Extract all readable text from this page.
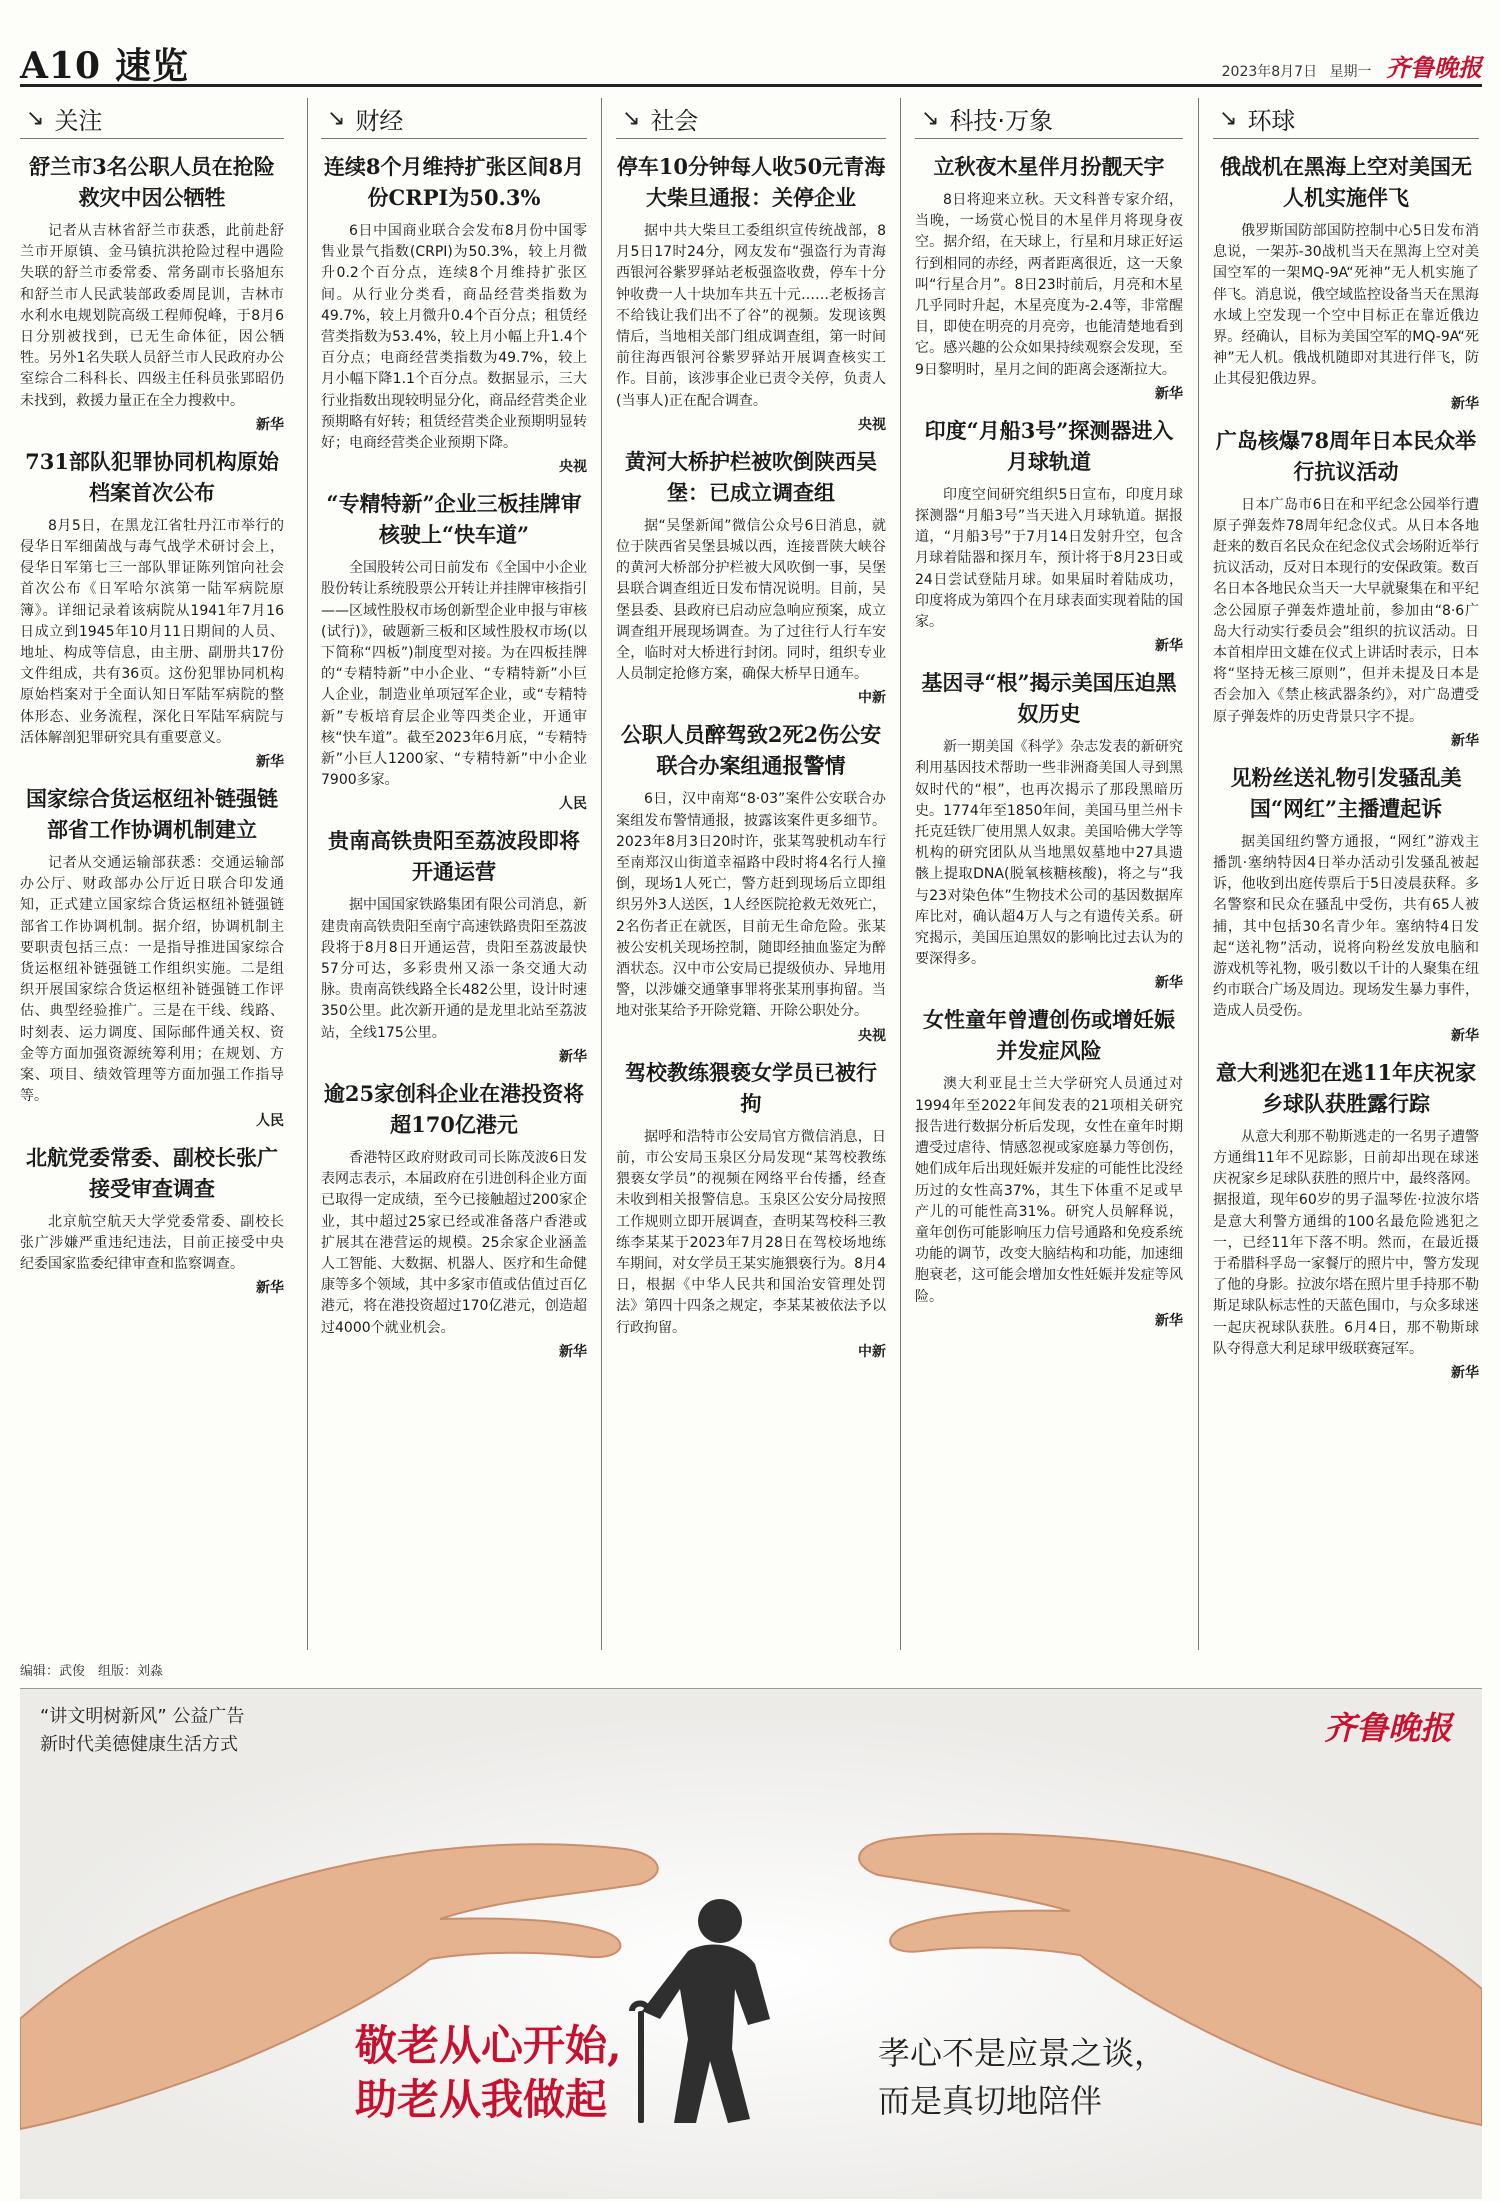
A10 速览	2023年8月7日 星期一 齐鲁晚报
↘ 关注
舒兰市3名公职人员在抢险救灾中因公牺牲

记者从吉林省舒兰市获悉，此前赴舒兰市开原镇、金马镇抗洪抢险过程中遇险失联的舒兰市委常委、常务副市长骆旭东和舒兰市人民武装部政委周昆训，吉林市水利水电规划院高级工程师倪峰，于8月6日分别被找到，已无生命体征，因公牺牲。另外1名失联人员舒兰市人民政府办公室综合二科科长、四级主任科员张郢昭仍未找到，救援力量正在全力搜救中。

新华
731部队犯罪协同机构原始档案首次公布

8月5日，在黑龙江省牡丹江市举行的侵华日军细菌战与毒气战学术研讨会上，侵华日军第七三一部队罪证陈列馆向社会首次公布《日军哈尔滨第一陆军病院原簿》。详细记录着该病院从1941年7月16日成立到1945年10月11日期间的人员、地址、构成等信息，由主册、副册共17份文件组成，共有36页。这份犯罪协同机构原始档案对于全面认知日军陆军病院的整体形态、业务流程，深化日军陆军病院与活体解剖犯罪研究具有重要意义。

新华
国家综合货运枢纽补链强链部省工作协调机制建立

记者从交通运输部获悉：交通运输部办公厅、财政部办公厅近日联合印发通知，正式建立国家综合货运枢纽补链强链部省工作协调机制。据介绍，协调机制主要职责包括三点：一是指导推进国家综合货运枢纽补链强链工作组织实施。二是组织开展国家综合货运枢纽补链强链工作评估、典型经验推广。三是在干线、线路、时刻表、运力调度、国际邮件通关权、资金等方面加强资源统筹利用；在规划、方案、项目、绩效管理等方面加强工作指导等。

人民
北航党委常委、副校长张广接受审查调查

北京航空航天大学党委常委、副校长张广涉嫌严重违纪违法，目前正接受中央纪委国家监委纪律审查和监察调查。

新华
↘ 财经
连续8个月维持扩张区间8月份CRPI为50.3%

6日中国商业联合会发布8月份中国零售业景气指数(CRPI)为50.3%，较上月微升0.2个百分点，连续8个月维持扩张区间。从行业分类看，商品经营类指数为49.7%，较上月微升0.4个百分点；租赁经营类指数为53.4%，较上月小幅上升1.4个百分点；电商经营类指数为49.7%，较上月小幅下降1.1个百分点。数据显示，三大行业指数出现较明显分化，商品经营类企业预期略有好转；租赁经营类企业预期明显转好；电商经营类企业预期下降。

央视
“专精特新”企业三板挂牌审核驶上“快车道”

全国股转公司日前发布《全国中小企业股份转让系统股票公开转让并挂牌审核指引——区域性股权市场创新型企业申报与审核(试行)》，破题新三板和区域性股权市场(以下简称“四板”)制度型对接。为在四板挂牌的“专精特新”中小企业、“专精特新”小巨人企业，制造业单项冠军企业，或“专精特新”专板培育层企业等四类企业，开通审核“快车道”。截至2023年6月底，“专精特新”小巨人1200家、“专精特新”中小企业7900多家。

人民
贵南高铁贵阳至荔波段即将开通运营

据中国国家铁路集团有限公司消息，新建贵南高铁贵阳至南宁高速铁路贵阳至荔波段将于8月8日开通运营，贵阳至荔波最快57分可达，多彩贵州又添一条交通大动脉。贵南高铁线路全长482公里，设计时速350公里。此次新开通的是龙里北站至荔波站，全线175公里。

新华
逾25家创科企业在港投资将超170亿港元

香港特区政府财政司司长陈茂波6日发表网志表示，本届政府在引进创科企业方面已取得一定成绩，至今已接触超过200家企业，其中超过25家已经或准备落户香港或扩展其在港营运的规模。25余家企业涵盖人工智能、大数据、机器人、医疗和生命健康等多个领域，其中多家市值或估值过百亿港元，将在港投资超过170亿港元，创造超过4000个就业机会。

新华
↘ 社会
停车10分钟每人收50元青海大柴旦通报：关停企业

据中共大柴旦工委组织宣传统战部，8月5日17时24分，网友发布“强盗行为青海西银河谷紫罗驿站老板强盗收费，停车十分钟收费一人十块加车共五十元……老板扬言不给钱让我们出不了谷”的视频。发现该舆情后，当地相关部门组成调查组，第一时间前往海西银河谷紫罗驿站开展调查核实工作。目前，该涉事企业已责令关停，负责人(当事人)正在配合调查。

央视
黄河大桥护栏被吹倒陕西吴堡：已成立调查组

据“吴堡新闻”微信公众号6日消息，就位于陕西省吴堡县城以西，连接晋陕大峡谷的黄河大桥部分护栏被大风吹倒一事，吴堡县联合调查组近日发布情况说明。目前，吴堡县委、县政府已启动应急响应预案，成立调查组开展现场调查。为了过往行人行车安全，临时对大桥进行封闭。同时，组织专业人员制定抢修方案，确保大桥早日通车。

中新
公职人员醉驾致2死2伤公安联合办案组通报警情

6日，汉中南郑“8·03”案件公安联合办案组发布警情通报，披露该案件更多细节。2023年8月3日20时许，张某驾驶机动车行至南郑汉山街道幸福路中段时将4名行人撞倒，现场1人死亡，警方赶到现场后立即组织另外3人送医，1人经医院抢救无效死亡，2名伤者正在就医，目前无生命危险。张某被公安机关现场控制，随即经抽血鉴定为醉酒状态。汉中市公安局已提级侦办、异地用警，以涉嫌交通肇事罪将张某刑事拘留。当地对张某给予开除党籍、开除公职处分。

央视
驾校教练猥亵女学员已被行拘

据呼和浩特市公安局官方微信消息，日前，市公安局玉泉区分局发现“某驾校教练猥亵女学员”的视频在网络平台传播，经查未收到相关报警信息。玉泉区公安分局按照工作规则立即开展调查，查明某驾校科三教练李某某于2023年7月28日在驾校场地练车期间，对女学员王某实施猥亵行为。8月4日，根据《中华人民共和国治安管理处罚法》第四十四条之规定，李某某被依法予以行政拘留。

中新
↘ 科技·万象
立秋夜木星伴月扮靓天宇

8日将迎来立秋。天文科普专家介绍，当晚，一场赏心悦目的木星伴月将现身夜空。据介绍，在天球上，行星和月球正好运行到相同的赤经，两者距离很近，这一天象叫“行星合月”。8日23时前后，月亮和木星几乎同时升起，木星亮度为-2.4等，非常醒目，即使在明亮的月亮旁，也能清楚地看到它。感兴趣的公众如果持续观察会发现，至9日黎明时，星月之间的距离会逐渐拉大。

新华
印度“月船3号”探测器进入月球轨道

印度空间研究组织5日宣布，印度月球探测器“月船3号”当天进入月球轨道。据报道，“月船3号”于7月14日发射升空，包含月球着陆器和探月车，预计将于8月23日或24日尝试登陆月球。如果届时着陆成功，印度将成为第四个在月球表面实现着陆的国家。

新华
基因寻“根”揭示美国压迫黑奴历史

新一期美国《科学》杂志发表的新研究利用基因技术帮助一些非洲裔美国人寻到黑奴时代的“根”，也再次揭示了那段黑暗历史。1774年至1850年间，美国马里兰州卡托克廷铁厂使用黑人奴隶。美国哈佛大学等机构的研究团队从当地黑奴墓地中27具遗骸上提取DNA(脱氧核糖核酸)，将之与“我与23对染色体”生物技术公司的基因数据库库比对，确认超4万人与之有遗传关系。研究揭示，美国压迫黑奴的影响比过去认为的要深得多。

新华
女性童年曾遭创伤或增妊娠并发症风险

澳大利亚昆士兰大学研究人员通过对1994年至2022年间发表的21项相关研究报告进行数据分析后发现，女性在童年时期遭受过虐待、情感忽视或家庭暴力等创伤，她们成年后出现妊娠并发症的可能性比没经历过的女性高37%，其生下体重不足或早产儿的可能性高31%。研究人员解释说，童年创伤可能影响压力信号通路和免疫系统功能的调节，改变大脑结构和功能，加速细胞衰老，这可能会增加女性妊娠并发症等风险。

新华
↘ 环球
俄战机在黑海上空对美国无人机实施伴飞

俄罗斯国防部国防控制中心5日发布消息说，一架苏-30战机当天在黑海上空对美国空军的一架MQ-9A“死神”无人机实施了伴飞。消息说，俄空域监控设备当天在黑海水域上空发现一个空中目标正在靠近俄边界。经确认，目标为美国空军的MQ-9A“死神”无人机。俄战机随即对其进行伴飞，防止其侵犯俄边界。

新华
广岛核爆78周年日本民众举行抗议活动

日本广岛市6日在和平纪念公园举行遭原子弹轰炸78周年纪念仪式。从日本各地赶来的数百名民众在纪念仪式会场附近举行抗议活动，反对日本现行的安保政策。数百名日本各地民众当天一大早就聚集在和平纪念公园原子弹轰炸遗址前，参加由“8·6广岛大行动实行委员会”组织的抗议活动。日本首相岸田文雄在仪式上讲话时表示，日本将“坚持无核三原则”，但并未提及日本是否会加入《禁止核武器条约》，对广岛遭受原子弹轰炸的历史背景只字不提。

新华
见粉丝送礼物引发骚乱美国“网红”主播遭起诉

据美国纽约警方通报，“网红”游戏主播凯·塞纳特因4日举办活动引发骚乱被起诉，他收到出庭传票后于5日凌晨获释。多名警察和民众在骚乱中受伤，共有65人被捕，其中包括30名青少年。塞纳特4日发起“送礼物”活动，说将向粉丝发放电脑和游戏机等礼物，吸引数以千计的人聚集在纽约市联合广场及周边。现场发生暴力事件，造成人员受伤。

新华
意大利逃犯在逃11年庆祝家乡球队获胜露行踪

从意大利那不勒斯逃走的一名男子遭警方通缉11年不见踪影，日前却出现在球迷庆祝家乡足球队获胜的照片中，最终落网。据报道，现年60岁的男子温琴佐·拉波尔塔是意大利警方通缉的100名最危险逃犯之一，已经11年下落不明。然而，在最近摄于希腊科孚岛一家餐厅的照片中，警方发现了他的身影。拉波尔塔在照片里手持那不勒斯足球队标志性的天蓝色围巾，与众多球迷一起庆祝球队获胜。6月4日，那不勒斯球队夺得意大利足球甲级联赛冠军。

新华
编辑：武俊　组版：刘淼
“讲文明树新风” 公益广告
新时代美德健康生活方式	齐鲁晚报
敬老从心开始,
助老从我做起
孝心不是应景之谈，
而是真切地陪伴
